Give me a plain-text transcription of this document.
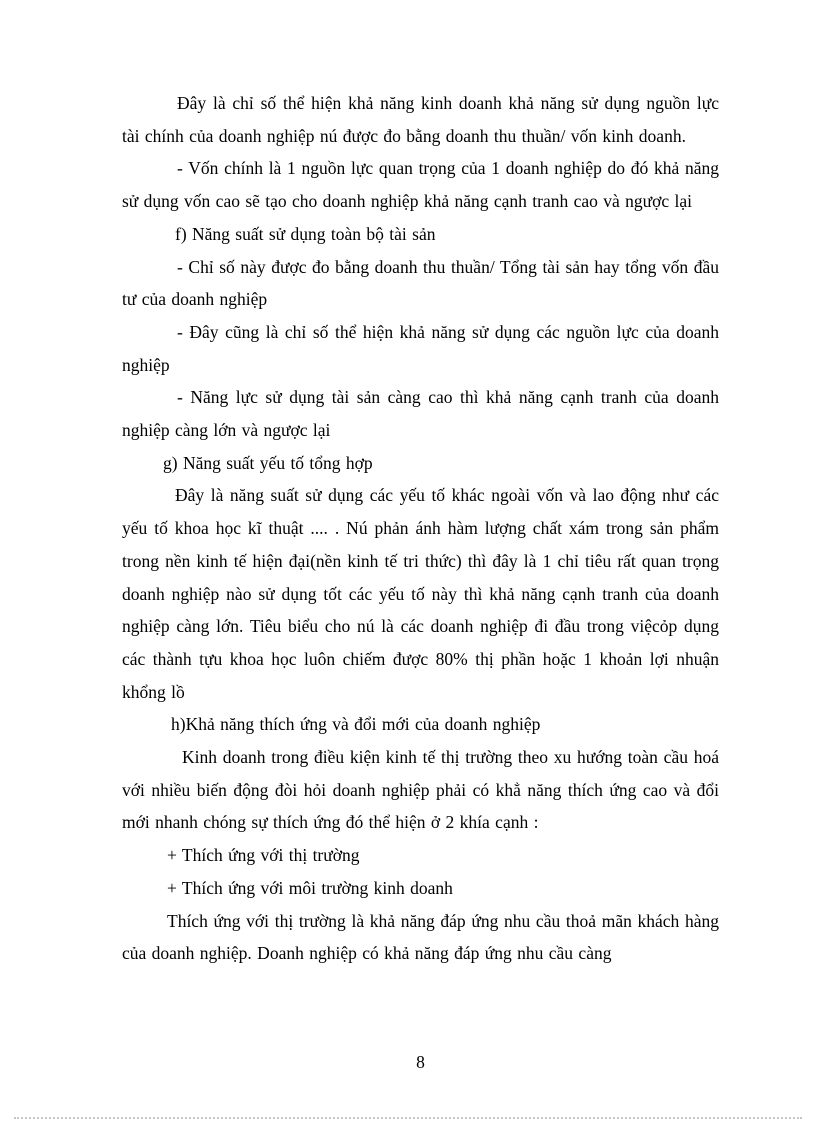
Đây là chỉ số thể hiện khả năng kinh doanh khả năng sử dụng nguồn lực tài chính của doanh nghiệp nú được đo bằng doanh thu thuần/ vốn kinh doanh.

- Vốn chính là 1 nguồn lực quan trọng của 1 doanh nghiệp do đó khả năng sử dụng vốn cao sẽ tạo cho doanh nghiệp khả năng cạnh tranh cao và ngược lại

f) Năng suất sử dụng toàn bộ tài sản

- Chỉ số này được đo bằng doanh thu thuần/ Tổng tài sản hay tổng vốn đầu tư của doanh nghiệp

- Đây cũng là chỉ số thể hiện khả năng sử dụng các nguồn lực của doanh nghiệp

- Năng lực sử dụng tài sản càng cao thì khả năng cạnh tranh của doanh nghiệp càng lớn và ngược lại

g) Năng suất yếu tố tổng hợp

Đây là năng suất sử dụng các yếu tố khác ngoài vốn và lao động như các yếu tố khoa học kĩ thuật .... . Nú phản ánh hàm lượng chất xám trong sản phẩm trong nền kinh tế hiện đại(nền kinh tế tri thức) thì đây là 1 chỉ tiêu rất quan trọng doanh nghiệp nào sử dụng tốt các yếu tố này thì khả năng cạnh tranh của doanh nghiệp càng lớn. Tiêu biểu cho nú là các doanh nghiệp đi đầu trong việcỏp dụng các thành tựu khoa học luôn chiếm được 80% thị phần hoặc 1 khoản lợi nhuận khổng lồ

h)Khả năng thích ứng và đổi mới của doanh nghiệp

Kinh doanh trong điều kiện kinh tế thị trường theo xu hướng toàn cầu hoá với nhiều biến động đòi hỏi doanh nghiệp phải có khẳ năng thích ứng cao và đổi mới nhanh chóng sự thích ứng đó thể hiện ở 2 khía cạnh :

+ Thích ứng với thị trường

+ Thích ứng với môi trường kinh doanh

Thích ứng với thị trường là khả năng đáp ứng nhu cầu thoả mãn khách hàng của doanh nghiệp. Doanh nghiệp có khả năng đáp ứng nhu cầu càng

8
